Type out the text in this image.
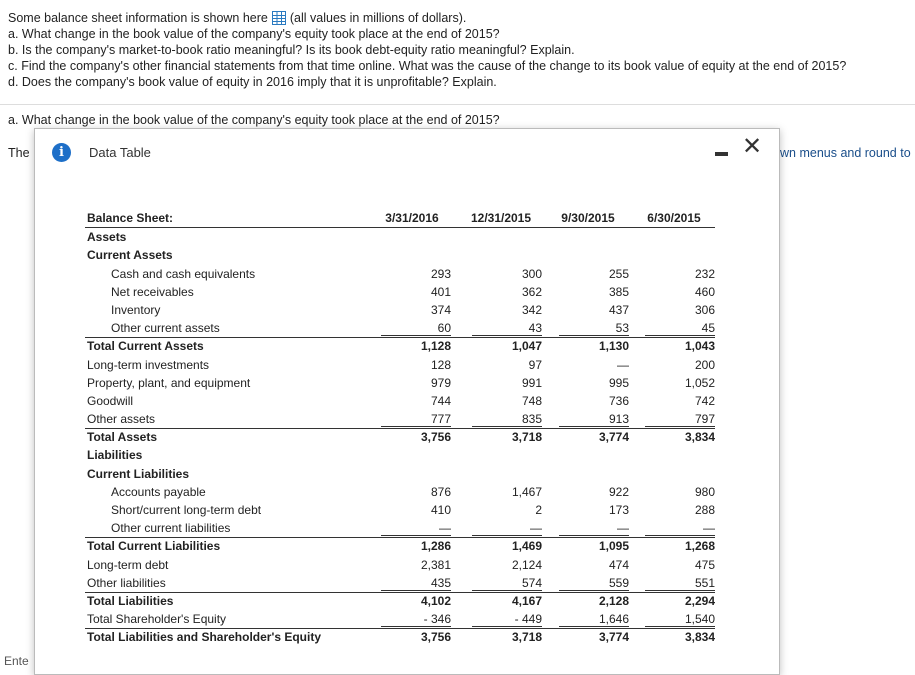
Some balance sheet information is shown here (all values in millions of dollars).
a. What change in the book value of the company's equity took place at the end of 2015?
b. Is the company's market-to-book ratio meaningful? Is its book debt-equity ratio meaningful? Explain.
c. Find the company's other financial statements from that time online. What was the cause of the change to its book value of equity at the end of 2015?
d. Does the company's book value of equity in 2016 imply that it is unprofitable? Explain.
a. What change in the book value of the company's equity took place at the end of 2015?
The	wn menus and round to
Ente
i	Data Table	✕
Balance Sheet:	3/31/2016	12/31/2015	9/30/2015	6/30/2015
Assets
Current Assets
Cash and cash equivalents	293	300	255	232
Net receivables	401	362	385	460
Inventory	374	342	437	306
Other current assets	60	43	53	45
Total Current Assets	1,128	1,047	1,130	1,043
Long-term investments	128	97	—	200
Property, plant, and equipment	979	991	995	1,052
Goodwill	744	748	736	742
Other assets	777	835	913	797
Total Assets	3,756	3,718	3,774	3,834
Liabilities
Current Liabilities
Accounts payable	876	1,467	922	980
Short/current long-term debt	410	2	173	288
Other current liabilities	—	—	—	—
Total Current Liabilities	1,286	1,469	1,095	1,268
Long-term debt	2,381	2,124	474	475
Other liabilities	435	574	559	551
Total Liabilities	4,102	4,167	2,128	2,294
Total Shareholder's Equity	- 346	- 449	1,646	1,540
Total Liabilities and Shareholder's Equity	3,756	3,718	3,774	3,834
